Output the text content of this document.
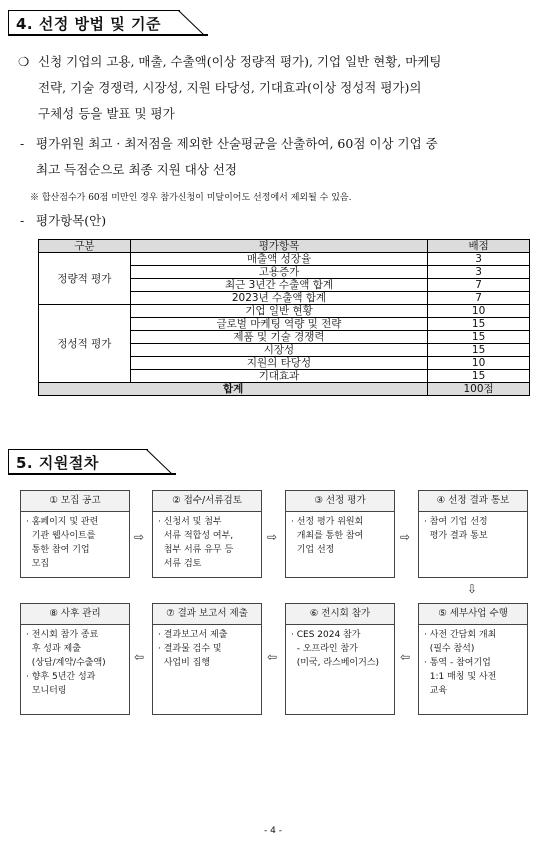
4. 선정 방법 및 기준
❍ 신청 기업의 고용, 매출, 수출액(이상 정량적 평가), 기업 일반 현황, 마케팅
전략, 기술 경쟁력, 시장성, 지원 타당성, 기대효과(이상 정성적 평가)의
구체성 등을 발표 및 평가
- 평가위원 최고 · 최저점을 제외한 산술평균을 산출하여, 60점 이상 기업 중
최고 득점순으로 최종 지원 대상 선정
※ 합산점수가 60점 미만인 경우 참가신청이 미달이어도 선정에서 제외될 수 있음.
- 평가항목(안)
구분	평가항목	배점
정량적 평가	매출액 성장율	3
	고용증가	3
	최근 3년간 수출액 합계	7
	2023년 수출액 합계	7
정성적 평가	기업 일반 현황	10
	글로벌 마케팅 역량 및 전략	15
	제품 및 기술 경쟁력	15
	시장성	15
	지원의 타당성	10
	기대효과	15
합계		100점
5. 지원절차
① 모집 공고
· 홈페이지 및 관련
기관 웹사이트를
통한 참여 기업
모집
⇨
② 접수/서류검토
· 신청서 및 첨부
서류 적합성 여부,
첨부 서류 유무 등
서류 검토
⇨
③ 선정 평가
· 선정 평가 위원회
개최를 통한 참여
기업 선정
⇨
④ 선정 결과 통보
· 참여 기업 선정
평가 결과 통보
⇩
⑧ 사후 관리
· 전시회 참가 종료
후 성과 제출
(상담/계약/수출액)
· 향후 5년간 성과
모니터링
⇦
⑦ 결과 보고서 제출
· 결과보고서 제출
· 결과물 검수 및
사업비 집행	⇦
⑥ 전시회 참가
· CES 2024 참가
- 오프라인 참가
(미국, 라스베이거스)	⇦
⑤ 세부사업 수행
· 사전 간담회 개최
(필수 참석)
· 통역 - 참여기업
1:1 매칭 및 사전
교육
- 4 -
